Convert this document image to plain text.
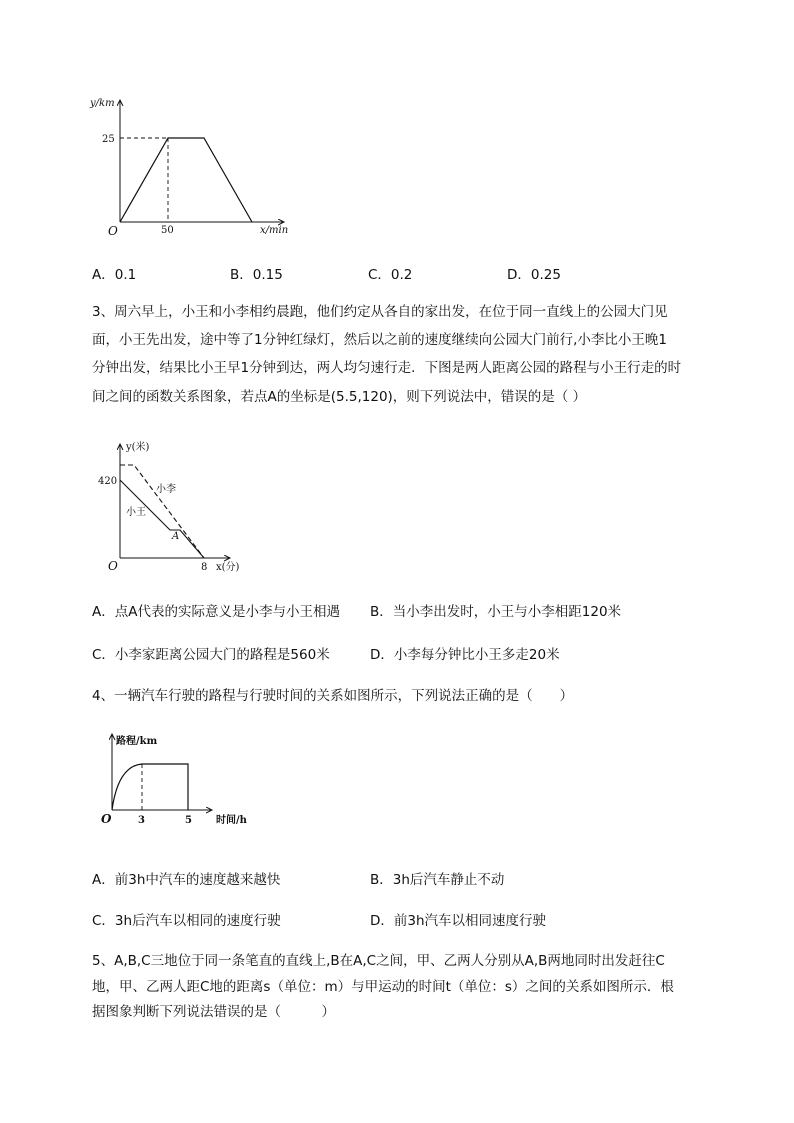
y/km
25
50	x/min
O
A．0.1	B．0.15	C．0.2	D．0.25
3、周六早上，小王和小李相约晨跑，他们约定从各自的家出发，在位于同一直线上的公园大门见
面，小王先出发，途中等了1分钟红绿灯，然后以之前的速度继续向公园大门前行,小李比小王晚1
分钟出发，结果比小王早1分钟到达，两人均匀速行走．下图是两人距离公园的路程与小王行走的时
间之间的函数关系图象，若点A的坐标是(5.5,120)，则下列说法中，错误的是（ ）
y(米)
420
小李
小王
A
8 x(分)
O
A．点A代表的实际意义是小李与小王相遇 B．当小李出发时，小王与小李相距120米
C．小李家距离公园大门的路程是560米	D．小李每分钟比小王多走20米
4、一辆汽车行驶的路程与行驶时间的关系如图所示，下列说法正确的是（　　）
路程/km
3	5 时间/h
O
A．前3h中汽车的速度越来越快	B．3h后汽车静止不动
C．3h后汽车以相同的速度行驶	D．前3h汽车以相同速度行驶
5、A,B,C三地位于同一条笔直的直线上,B在A,C之间，甲、乙两人分别从A,B两地同时出发赶往C
地，甲、乙两人距C地的距离s（单位：m）与甲运动的时间t（单位：s）之间的关系如图所示．根
据图象判断下列说法错误的是（　　　）
